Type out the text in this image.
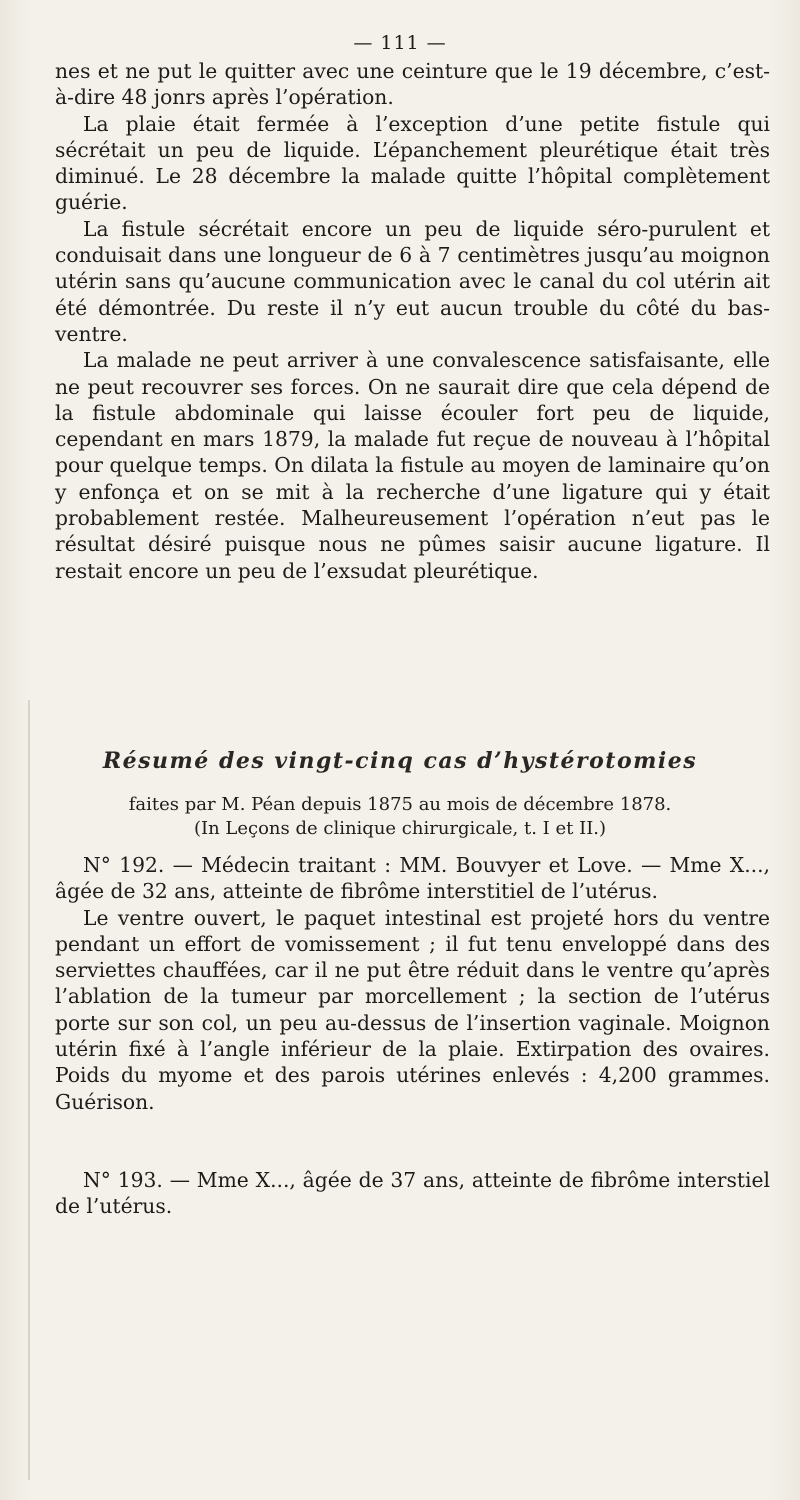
— 111 —

nes et ne put le quitter avec une ceinture que le 19 décembre, c’est-à-dire 48 jonrs après l’opération.

La plaie était fermée à l’exception d’une petite fistule qui sécrétait un peu de liquide. L’épanchement pleurétique était très diminué. Le 28 décembre la malade quitte l’hôpital complètement guérie.

La fistule sécrétait encore un peu de liquide séro-purulent et conduisait dans une longueur de 6 à 7 centimètres jusqu’au moignon utérin sans qu’aucune communication avec le canal du col utérin ait été démontrée. Du reste il n’y eut aucun trouble du côté du bas-ventre.

La malade ne peut arriver à une convalescence satisfaisante, elle ne peut recouvrer ses forces. On ne saurait dire que cela dépend de la fistule abdominale qui laisse écouler fort peu de liquide, cependant en mars 1879, la malade fut reçue de nouveau à l’hôpital pour quelque temps. On dilata la fistule au moyen de laminaire qu’on y enfonça et on se mit à la recherche d’une ligature qui y était probablement restée. Malheureusement l’opération n’eut pas le résultat désiré puisque nous ne pûmes saisir aucune ligature. Il restait encore un peu de l’exsudat pleurétique.

Résumé des vingt-cinq cas d’hystérotomies
faites par M. Péan depuis 1875 au mois de décembre 1878.
(In Leçons de clinique chirurgicale, t. I et II.)

N° 192. — Médecin traitant : MM. Bouvyer et Love. — Mme X..., âgée de 32 ans, atteinte de fibrôme interstitiel de l’utérus.

Le ventre ouvert, le paquet intestinal est projeté hors du ventre pendant un effort de vomissement ; il fut tenu enveloppé dans des serviettes chauffées, car il ne put être réduit dans le ventre qu’après l’ablation de la tumeur par morcellement ; la section de l’utérus porte sur son col, un peu au-dessus de l’insertion vaginale. Moignon utérin fixé à l’angle inférieur de la plaie. Extirpation des ovaires. Poids du myome et des parois utérines enlevés : 4,200 grammes. Guérison.

N° 193. — Mme X..., âgée de 37 ans, atteinte de fibrôme interstiel de l’utérus.
